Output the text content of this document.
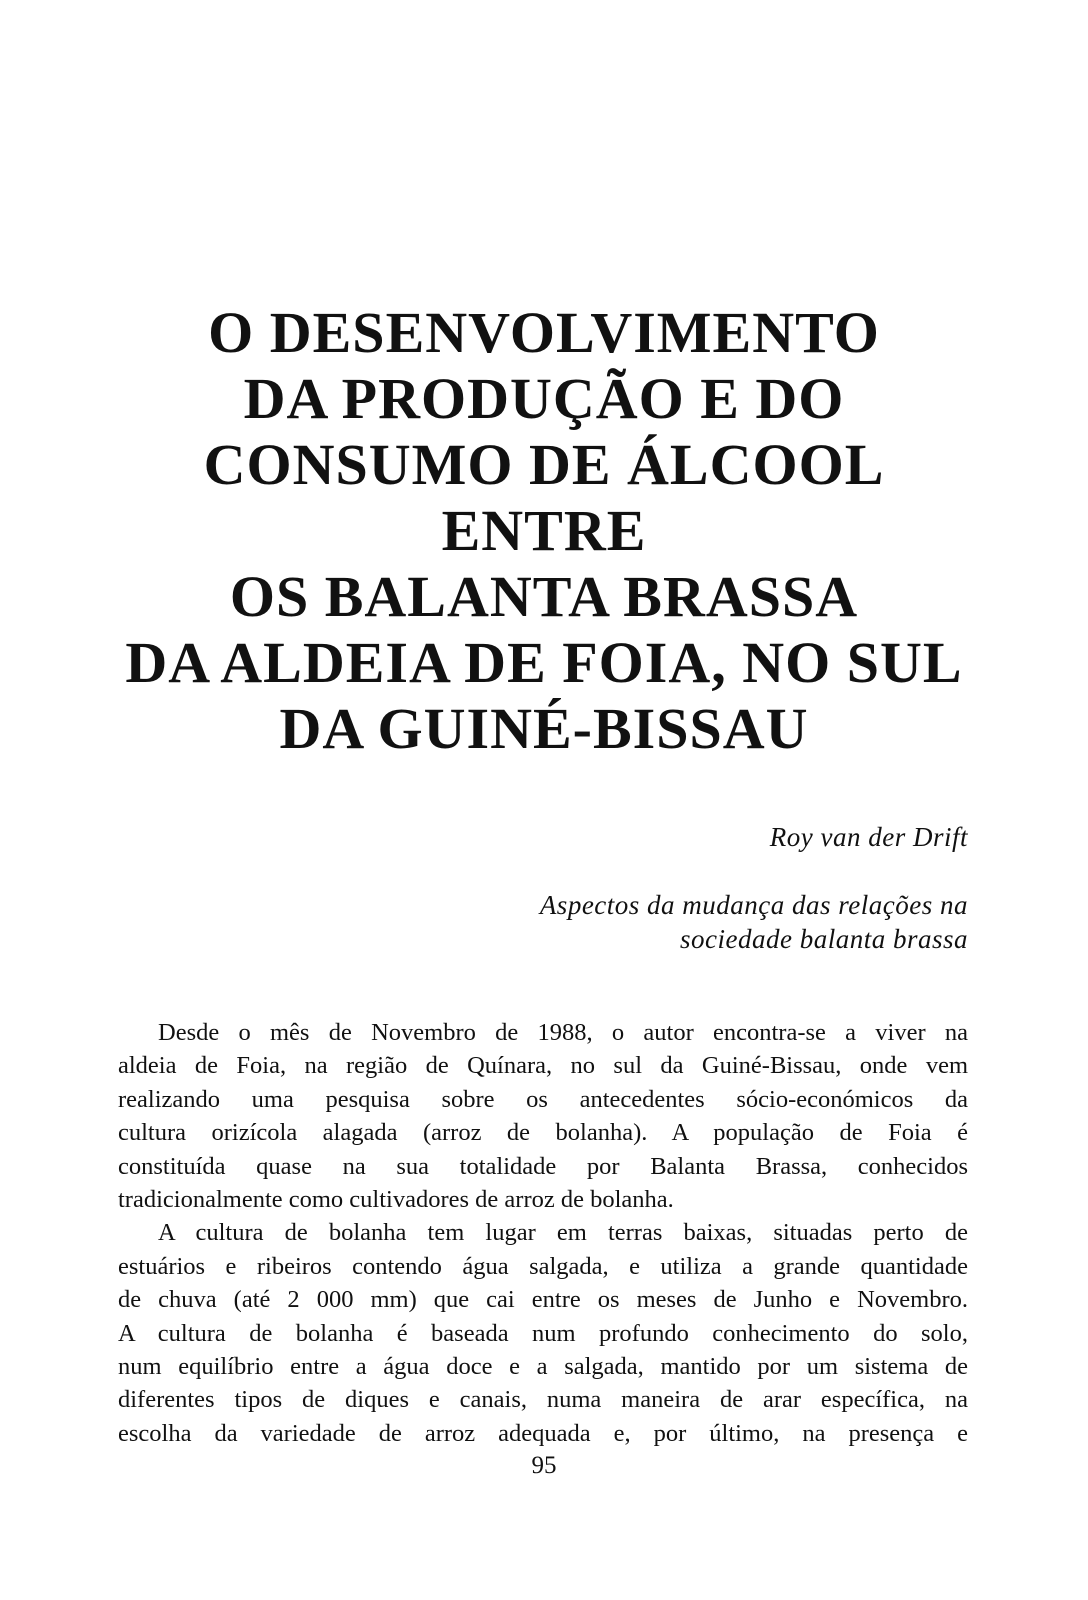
O DESENVOLVIMENTO
DA PRODUÇÃO E DO
CONSUMO DE ÁLCOOL
ENTRE
OS BALANTA BRASSA
DA ALDEIA DE FOIA, NO SUL
DA GUINÉ-BISSAU
Roy van der Drift
Aspectos da mudança das relações na
sociedade balanta brassa

Desde o mês de Novembro de 1988, o autor encontra-se a viver na
aldeia de Foia, na região de Quínara, no sul da Guiné-Bissau, onde vem
realizando uma pesquisa sobre os antecedentes sócio-económicos da
cultura orizícola alagada (arroz de bolanha). A população de Foia é
constituída quase na sua totalidade por Balanta Brassa, conhecidos
tradicionalmente como cultivadores de arroz de bolanha.

A cultura de bolanha tem lugar em terras baixas, situadas perto de
estuários e ribeiros contendo água salgada, e utiliza a grande quantidade
de chuva (até 2 000 mm) que cai entre os meses de Junho e Novembro.
A cultura de bolanha é baseada num profundo conhecimento do solo,
num equilíbrio entre a água doce e a salgada, mantido por um sistema de
diferentes tipos de diques e canais, numa maneira de arar específica, na
escolha da variedade de arroz adequada e, por último, na presença e

95
